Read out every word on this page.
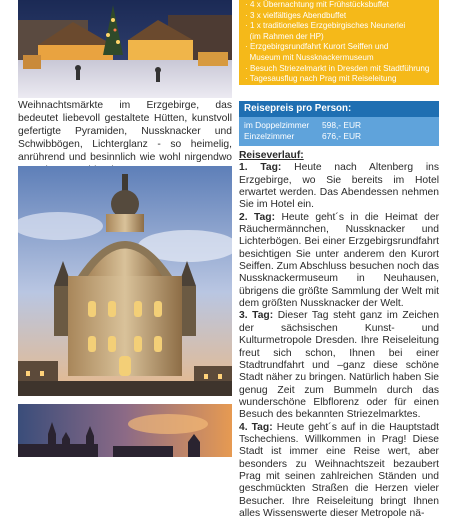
· 4 x Übernachtung mit Frühstücksbuffet
· 3 x vielfältiges Abendbuffet
· 1 x traditionelles Erzgebirgisches Neunerlei
(im Rahmen der HP)
· Erzgebirgsrundfahrt Kurort Seiffen und
Museum mit Nussknackermuseum
· Besuch Striezelmarkt in Dresden mit Stadtführung
· Tagesausflug nach Prag mit Reiseleitung
Weihnachtsmärkte im Erzgebirge, das bedeutet liebevoll gestaltete Hütten, kunstvoll gefertigte Pyramiden, Nussknacker und Schwibbögen, Lichterglanz - so heimelig, anrührend und besinnlich wie wohl nirgendwo
Reisepreis pro Person:
im Doppelzimmer	598,- EUR
Einzelzimmer	676,- EUR

Reiseverlauf:

1. Tag: Heute nach Altenberg ins Erzgebirge, wo Sie bereits im Hotel erwartet werden. Das Abendessen nehmen Sie im Hotel ein.

2. Tag: Heute geht´s in die Heimat der Räuchermännchen, Nussknacker und Lichterbögen. Bei einer Erzgebirgsrundfahrt besichtigen Sie unter anderem den Kurort Seiffen. Zum Abschluss besuchen noch das Nussknackermuseum in Neuhausen, übrigens die größte Sammlung der Welt mit dem größten Nussknacker der Welt.

3. Tag: Dieser Tag steht ganz im Zeichen der sächsischen Kunst- und Kulturmetropole Dresden. Ihre Reiseleitung freut sich schon, Ihnen bei einer Stadtrundfahrt und –ganz diese schöne Stadt näher zu bringen. Natürlich haben Sie genug Zeit zum Bummeln durch das wunderschöne Elbflorenz oder für einen Besuch des bekannten Striezelmarktes.

4. Tag: Heute geht´s auf in die Hauptstadt Tschechiens. Willkommen in Prag! Diese Stadt ist immer eine Reise wert, aber besonders zu Weihnachtszeit bezaubert Prag mit seinen zahlreichen Ständen und geschmückten Straßen die Herzen vieler Besucher. Ihre Reiseleitung bringt Ihnen alles Wissenswerte dieser Metropole nä-
